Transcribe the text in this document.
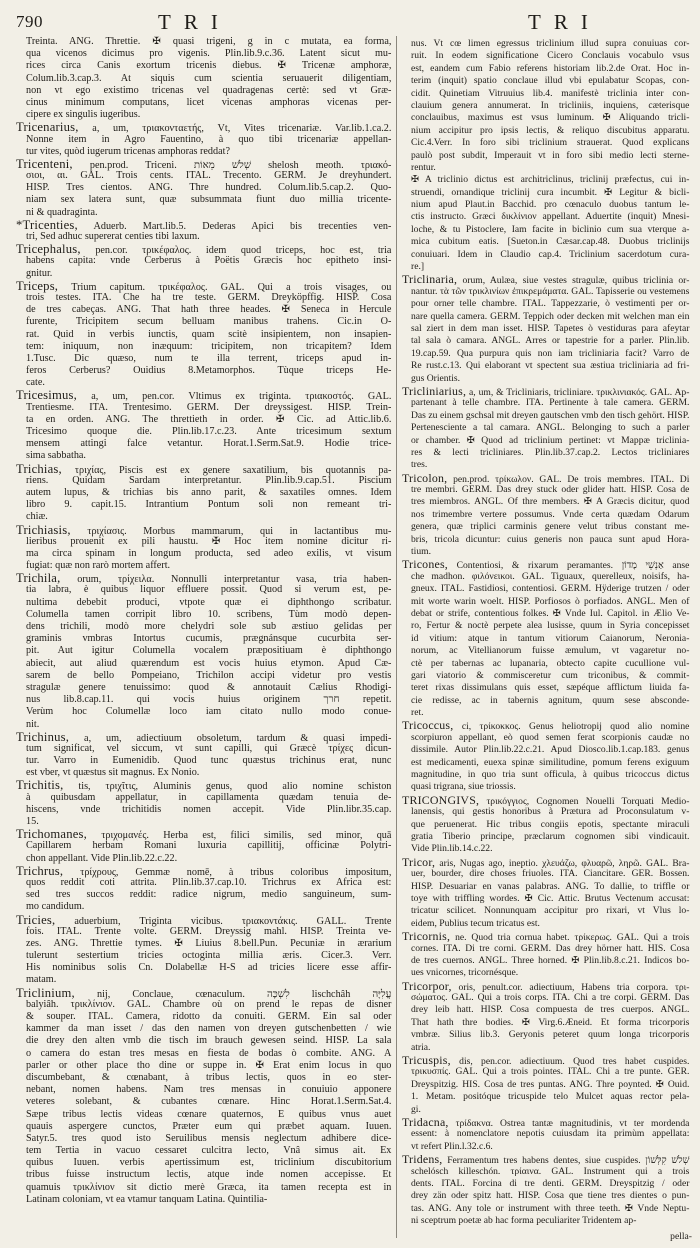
790	TRI	TRI
Treinta. ANG. Threttie. ✠ quasi trigeni, g in c mutata, ea forma,
qua vicenos dicimus pro vigenis. Plin.lib.9.c.36. Latent sicut mu-
rices circa Canis exortum tricenis diebus. ✠ Tricenæ amphoræ,
Colum.lib.3.cap.3. At siquis cum scientia seruauerit diligentiam,
non vt ego existimo tricenas vel quadragenas certè: sed vt Græ-
cinus minimum computans, licet vicenas amphoras vicenas per-
cipere ex singulis iugeribus.
Tricenarius, a, um, τριακονταετής, Vt, Vites tricenariæ. Var.lib.1.ca.2.
Nonne item in Agro Fauentino, à quo tibi tricenariæ appellan-
tur vites, quòd iugerum tricenas amphoras reddat?
Tricenteni, pen.prod. Triceni. שְׁלֹשׁ מֵאוֹת shelosh meoth. τριακό-
σιοι, αι. GAL. Trois cents. ITAL. Trecento. GERM. Je dreyhundert.
HISP. Tres cientos. ANG. Thre hundred. Colum.lib.5.cap.2. Quo-
niam sex latera sunt, quæ subsummata fiunt duo millia tricente-
ni & quadraginta.
*Tricenties, Aduerb. Mart.lib.5. Dederas Apici bis trecenties ven-
tri, Sed adhuc supererat centies tibi laxum.
Tricephalus, pen.cor. τρικέφαλος. idem quod triceps, hoc est, tria
habens capita: vnde Cerberus à Poëtis Græcis hoc epitheto insi-
gnitur.
Triceps, Trium capitum. τρικέφαλος. GAL. Qui a trois visages, ou
trois testes. ITA. Che ha tre teste. GERM. Dreyköpffig. HISP. Cosa
de tres cabeças. ANG. That hath three heades. ✠ Seneca in Hercule
furente, Tricipitem secum belluam manibus trahens. Cic.in O-
rat. Quid in verbis iunctis, quam scitè insipientem, non insapien-
tem: iniquum, non inæquum: tricipitem, non tricapitem? Idem
1.Tusc. Dic quæso, num te illa terrent, triceps apud in-
feros Cerberus? Ouidius 8.Metamorphos. Tùque triceps He-
cate.
Tricesimus, a, um, pen.cor. Vltimus ex triginta. τριακοστός. GAL.
Trentiesme. ITA. Trentesimo. GERM. Der dreyssigest. HISP. Trein-
ta en orden. ANG. The threttieth in order. ✠ Cic. ad Attic.lib.6.
Tricesimo quoque die. Plin.lib.17.c.23. Ante tricesimum sextum
mensem attingi falce vetantur. Horat.1.Serm.Sat.9. Hodie trice-
sima sabbatha.
Trichias, τριχίας, Piscis est ex genere saxatilium, bis quotannis pa-
riens. Quidam Sardam interpretantur. Plin.lib.9.cap.51. Piscium
autem lupus, & trichias bis anno parit, & saxatiles omnes. Idem
libro 9. capit.15. Intrantium Pontum soli non remeant tri-
chiæ.
Trichiasis, τριχίασις. Morbus mammarum, qui in lactantibus mu-
lieribus prouenit ex pili haustu. ✠ Hoc item nomine dicitur ri-
ma circa spinam in longum producta, sed adeo exilis, vt visum
fugiat: quæ non rarò mortem affert.
Trichila, orum, τρίχειλα. Nonnulli interpretantur vasa, tria haben-
tia labra, è quibus liquor effluere possit. Quod si verum est, pe-
nultima debebit produci, vtpote quæ ei diphthongo scribatur.
Columella tamen corripit libro 10. scribens, Tùm modò depen-
dens trichili, modò more chelydri sole sub æstiuo gelidas per
graminis vmbras Intortus cucumis, prægnánsque cucurbita ser-
pit. Aut igitur Columella vocalem præpositiuam è diphthongo
abiecit, aut aliud quærendum est vocis huius etymon. Apud Cæ-
sarem de bello Pompeiano, Trichilon accipi videtur pro vestis
stragulæ genere tenuissimo: quod & annotauit Cælius Rhodigi-
nus lib.8.cap.11. qui vocis huius originem חרך repetit.
Verùm hoc Columellæ loco iam citato nullo modo conue-
nit.
Trichinus, a, um, adiectiuum obsoletum, tardum & quasi impedi-
tum significat, vel siccum, vt sunt capilli, qui Græcè τρίχες dicun-
tur. Varro in Eumenidib. Quod tunc quæstus trichinus erat, nunc
est vber, vt quæstus sit magnus. Ex Nonio.
Trichitis, tis, τριχῖτις, Aluminis genus, quod alio nomine schiston
à quibusdam appellatur, in capillamenta quædam tenuia de-
hiscens, vnde trichitidis nomen accepit. Vide Plin.libr.35.cap.
15.
Trichomanes, τριχομανές. Herba est, filici similis, sed minor, quā
Capillarem herbam Romani luxuria capillitij, officinæ Polytri-
chon appellant. Vide Plin.lib.22.c.22.
Trichrus, τρίχρους, Gemmæ nomē, à tribus coloribus impositum,
quos reddit coti attrita. Plin.lib.37.cap.10. Trichrus ex Africa est:
sed tres succos reddit: radice nigrum, medio sanguineum, sum-
mo candidum.
Tricies, aduerbium, Triginta vicibus. τριακοντάκις. GALL. Trente
fois. ITAL. Trente volte. GERM. Dreyssig mahl. HISP. Treinta ve-
zes. ANG. Threttie tymes. ✠ Liuius 8.bell.Pun. Pecuniæ in ærarium
tulerunt sestertium tricies octoginta millia æris. Cicer.3. Verr.
His nominibus solis Cn. Dolabellæ H-S ad tricies licere esse affir-
matam.
Triclinium, nij, Conclaue, cœnaculum. לִשְׁכָּה lischchâh עֲלִיָּה
balyiâh. τρικλίνιον. GAL. Chambre où on prend le repas de disner
& souper. ITAL. Camera, ridotto da conuiti. GERM. Ein sal oder
kammer da man isset / das den namen von dreyen gutschenbetten / wie
die drey den alten vmb die tisch im brauch gewesen seind. HISP. La sala
o camera do estan tres mesas en fiesta de bodas ò combite. ANG. A
parler or other place tho dine or suppe in. ✠ Erat enim locus in quo
discumbebant, & cœnabant, à tribus lectis, quos in eo ster-
nebant, nomen habens. Nam tres mensas in conuiuio apponere
veteres solebant, & cubantes cœnare. Hinc Horat.1.Serm.Sat.4.
Sæpe tribus lectis videas cœnare quaternos, E quibus vnus auet
quauis aspergere cunctos, Præter eum qui præbet aquam. Iuuen.
Satyr.5. tres quod isto Seruilibus mensis neglectum adhibere dice-
tem Tertia in vacuo cessaret culcitra lecto, Vnâ simus ait. Ex
quibus Iuuen. verbis apertissimum est, triclinium discubitorium
tribus fuisse instructum lectis, atque inde nomen accepisse. Et
quamuis τρικλίνιον sit dictio merè Græca, ita tamen recepta est in
Latinam coloniam, vt ea vtamur tanquam Latina. Quintilia-
nus. Vt cœ limen egressus triclinium illud supra conuiuas cor-
ruit. In eodem significatione Cicero Conclauis vocabulo vsus
est, eandem cum Fabio referens historiam lib.2.de Orat. Hoc in-
terim (inquit) spatio conclaue illud vbi epulabatur Scopas, con-
cidit. Quinetiam Vitruuius lib.4. manifestè triclinia inter con-
clauium genera annumerat. In tricliniis, inquiens, cæterisque
conclauibus, maximus est vsus luminum. ✠ Aliquando tricli-
nium accipitur pro ipsis lectis, & reliquo discubitus apparatu.
Cic.4.Verr. In foro sibi triclinium strauerat. Quod explicans
paulò post subdit, Imperauit vt in foro sibi medio lecti sterne-
rentur.
✠ A triclinio dictus est architriclinus, triclinij præfectus, cui in-
struendi, ornandique triclinij cura incumbit. ✠ Legitur & bicli-
nium apud Plaut.in Bacchid. pro cœnaculo duobus tantum le-
ctis instructo. Græci δικλίνιον appellant. Aduertite (inquit) Mnesi-
loche, & tu Pistoclere, Iam facite in biclinio cum sua vterque a-
mica cubitum eatis. [Sueton.in Cæsar.cap.48. Duobus triclinijs
conuiuari. Idem in Claudio cap.4. Triclinium sacerdotum cura-
re.]
Triclinaria, orum, Aulæa, siue vestes stragulæ, quibus triclinia or-
nantur. τὰ τῶν τρικλινίων ἐπικρεμάματα. GAL. Tapisserie ou vestemens
pour orner telle chambre. ITAL. Tappezzarie, ò vestimenti per or-
nare quella camera. GERM. Teppich oder decken mit welchen man ein
sal ziert in dem man isset. HISP. Tapetes ò vestiduras para afeytar
tal sala ò camara. ANGL. Arres or tapestrie for a parler. Plin.lib.
19.cap.59. Qua purpura quis non iam tricliniaria facit? Varro de
Re rust.c.13. Qui elaborant vt spectent sua æstiua tricliniaria ad fri-
gus Orientis.
Tricliniarius, a, um, & Tricliniaris, tricliniare. τρικλινιακός. GAL. Ap-
partenant à telle chambre. ITA. Pertinente à tale camera. GERM.
Das zu einem gschsal mit dreyen gautschen vmb den tisch gehört. HISP.
Pertenesciente a tal camara. ANGL. Belonging to such a parler
or chamber. ✠ Quod ad triclinium pertinet: vt Mappæ triclinia-
res & lecti tricliniares. Plin.lib.37.cap.2. Lectos tricliniares
tres.
Tricolon, pen.prod. τρίκωλον. GAL. De trois membres. ITAL. Di
tre membri. GERM. Das drey stuck oder glider hatt. HISP. Cosa de
tres miembros. ANGL. Of thre members. ✠ A Græcis dicitur, quod
nos trimembre vertere possumus. Vnde certa quædam Odarum
genera, quæ triplici carminis genere velut tribus constant me-
bris, tricola dicuntur: cuius generis non pauca sunt apud Hora-
tium.
Tricones, Contentiosi, & rixarum peramantes. אַנְשֵׁי מָדוֹן anse
che madhon. φιλόνεικοι. GAL. Tiguaux, querelleux, noisifs, ha-
gneux. ITAL. Fastidiosi, contentiosi. GERM. Hÿderige trutzen / oder
mit worte warin woelt. HISP. Porfiosos ò porfiados. ANGL. Men of
debat or strife, contentious folkes. ✠ Vnde Iul. Capitol. in Ælio Ve-
ro, Fertur & noctè perpete alea lusisse, quum in Syria concepisset
id vitium: atque in tantum vitiorum Caianorum, Neronia-
norum, ac Vitellianorum fuisse æmulum, vt vagaretur no-
ctè per tabernas ac lupanaria, obtecto capite cucullione vul-
gari viatorio & commisceretur cum triconibus, & commit-
teret rixas dissimulans quis esset, sæpéque afflictum liuida fa-
cie redisse, ac in tabernis agnitum, quum sese absconde-
ret.
Tricoccus, ci, τρίκοκκος. Genus heliotropij quod alio nomine
scorpiuron appellant, eò quod semen ferat scorpionis caudæ no
dissimile. Autor Plin.lib.22.c.21. Apud Diosco.lib.1.cap.183. genus
est medicamenti, euexa spinæ similitudine, pomum ferens exiguum
magnitudine, in quo tria sunt officula, à quibus tricoccus dictus
quasi trigrana, siue triossis.
TRICONGIVS, τρικόγγιος, Cognomen Nouelli Torquati Medio-
lanensis, qui gestis honoribus à Prætura ad Proconsulatum v-
que peruenerat. Hic tribus congiis epotis, spectante miraculi
gratia Tiberio principe, præclarum cognomen sibi vindicauit.
Vide Plin.lib.14.c.22.
Tricor, aris, Nugas ago, ineptio. χλευάζω, φλυαρῶ, ληρῶ. GAL. Bra-
uer, bourder, dire choses friuoles. ITA. Ciancitare. GER. Bossen.
HISP. Desuariar en vanas palabras. ANG. To dallie, to triffle or
toye with triffling wordes. ✠ Cic. Attic. Brutus Vectenum accusat:
tricatur scilicet. Nonnunquam accipitur pro rixari, vt Vlus lo-
eidem, Publius tecum tricatus est.
Tricornis, ne. Quod tria cornua habet. τρίκερως. GAL. Qui a trois
cornes. ITA. Di tre corni. GERM. Das drey hörner hatt. HIS. Cosa
de tres cuernos. ANGL. Three horned. ✠ Plin.lib.8.c.21. Indicos bo-
ues vnicornes, tricornésque.
Tricorpor, oris, penult.cor. adiectiuum, Habens tria corpora. τρι-
σώματος. GAL. Qui a trois corps. ITA. Chi a tre corpi. GERM. Das
drey leib hatt. HISP. Cosa compuesta de tres cuerpos. ANGL.
That hath thre bodies. ✠ Virg.6.Æneid. Et forma tricorporis
vmbræ. Silius lib.3. Geryonis peteret quum longa tricorporis
atria.
Tricuspis, dis, pen.cor. adiectiuum. Quod tres habet cuspides.
τρικυσπίς. GAL. Qui a trois pointes. ITAL. Chi a tre punte. GER.
Dreyspitzig. HIS. Cosa de tres puntas. ANG. Thre poynted. ✠ Ouid.
1. Metam. positóque tricuspide telo Mulcet aquas rector pela-
gi.
Tridacna, τρίδακνα. Ostrea tantæ magnitudinis, vt ter mordenda
essent: à nomenclatore nepotis cuiusdam ita primùm appellata:
vt refert Plin.l.32.c.6.
Tridens, Ferramentum tres habens dentes, siue cuspides. שְׁלֹשׁ קִלְּשׁוֹן
schelósch killeschón. τρίαινα. GAL. Instrument qui a trois
dents. ITAL. Forcina di tre denti. GERM. Dreyspitzig / oder
drey zän oder spitz hatt. HISP. Cosa que tiene tres dientes o pun-
tas. ANG. Any tole or instrument with three teeth. ✠ Vnde Neptu-
ni sceptrum poetæ ab hac forma peculiariter Tridentem ap-
pella-
